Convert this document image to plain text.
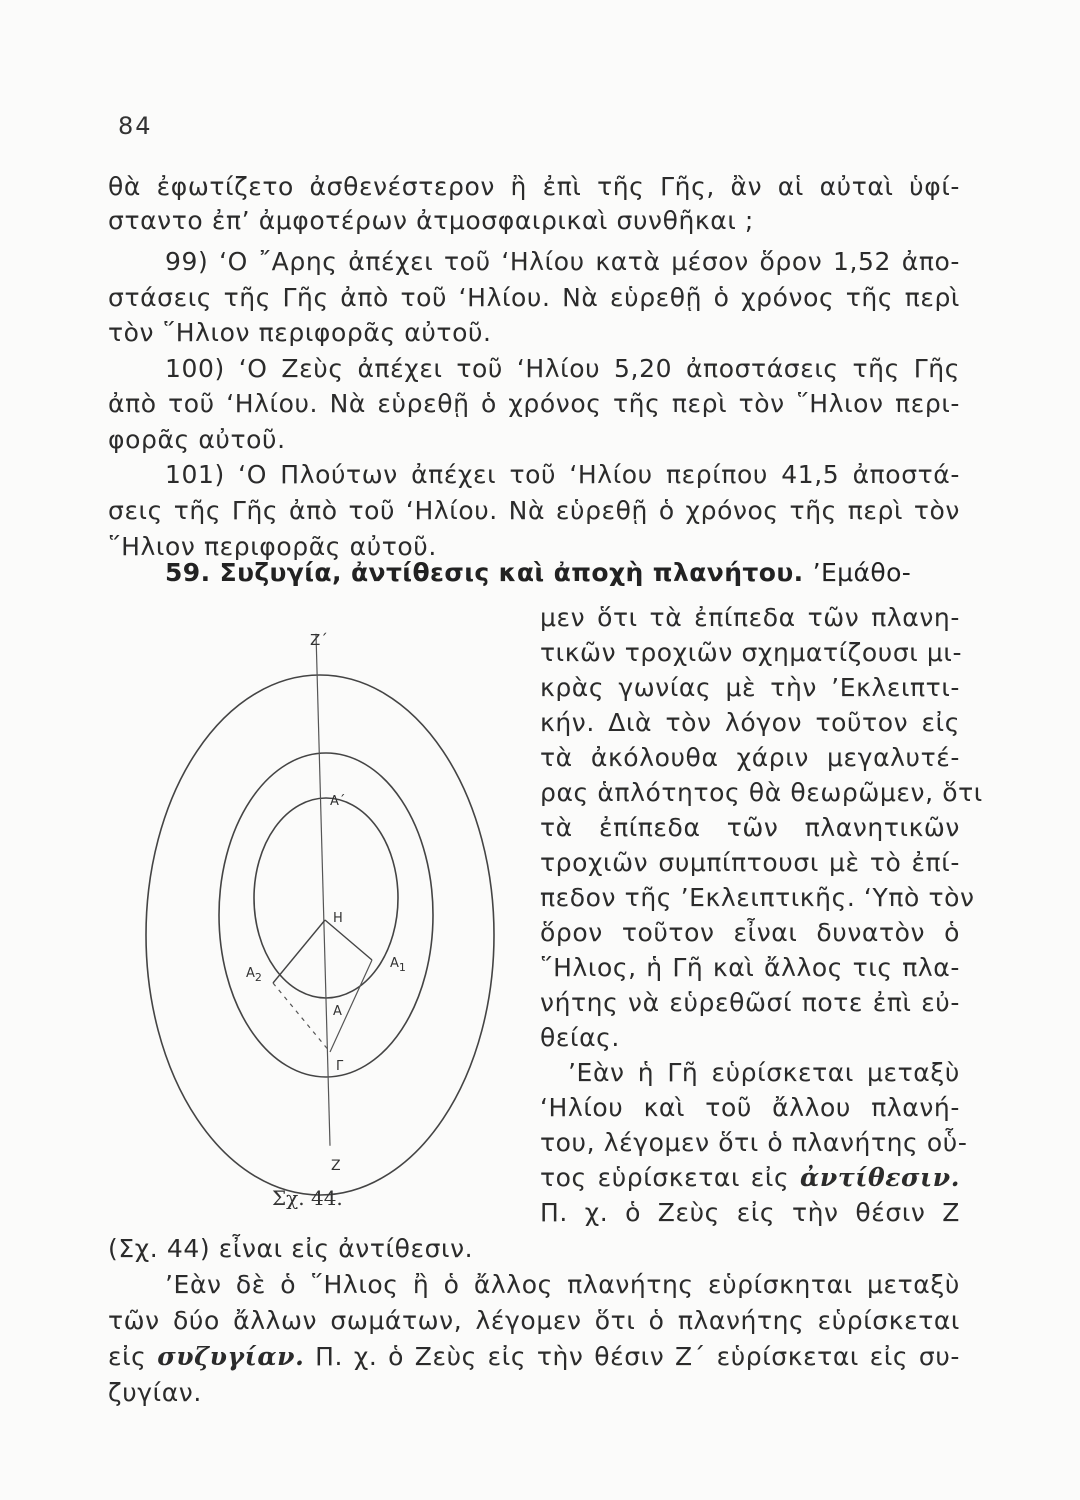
84
θὰ ἐφωτίζετο ἀσθενέστερον ἢ ἐπὶ τῆς Γῆς, ἂν αἱ αὐταὶ ὑφί-
σταντο ἐπ’ ἀμφοτέρων ἀτμοσφαιρικαὶ συνθῆκαι ;
99) ‘Ο ῎Αρης ἀπέχει τοῦ ‘Ηλίου κατὰ μέσον ὅρον 1,52 ἀπο-
στάσεις τῆς Γῆς ἀπὸ τοῦ ‘Ηλίου. Νὰ εὑρεθῇ ὁ χρόνος τῆς περὶ
τὸν ῞Ηλιον περιφορᾶς αὐτοῦ.
100) ‘Ο Ζεὺς ἀπέχει τοῦ ‘Ηλίου 5,20 ἀποστάσεις τῆς Γῆς
ἀπὸ τοῦ ‘Ηλίου. Νὰ εὑρεθῇ ὁ χρόνος τῆς περὶ τὸν ῞Ηλιον περι-
φορᾶς αὐτοῦ.
101) ‘Ο Πλούτων ἀπέχει τοῦ ‘Ηλίου περίπου 41,5 ἀποστά-
σεις τῆς Γῆς ἀπὸ τοῦ ‘Ηλίου. Νὰ εὑρεθῇ ὁ χρόνος τῆς περὶ τὸν
῞Ηλιον περιφορᾶς αὐτοῦ.
59. Συζυγία, ἀντίθεσις καὶ ἀποχὴ πλανήτου. ’Εμάθο-
μεν ὅτι τὰ ἐπίπεδα τῶν πλανη-
τικῶν τροχιῶν σχηματίζουσι μι-
κρὰς γωνίας μὲ τὴν ’Εκλειπτι-
κήν. Διὰ τὸν λόγον τοῦτον εἰς
τὰ ἀκόλουθα χάριν μεγαλυτέ-
ρας ἁπλότητος θὰ θεωρῶμεν, ὅτι
τὰ ἐπίπεδα τῶν πλανητικῶν
τροχιῶν συμπίπτουσι μὲ τὸ ἐπί-
πεδον τῆς ’Εκλειπτικῆς. ‘Υπὸ τὸν
ὅρον τοῦτον εἶναι δυνατὸν ὁ
῞Ηλιος, ἡ Γῆ καὶ ἄλλος τις πλα-
νήτης νὰ εὑρεθῶσί ποτε ἐπὶ εὐ-
θείας.
’Εὰν ἡ Γῆ εὑρίσκεται μεταξὺ
‘Ηλίου καὶ τοῦ ἄλλου πλανή-
του, λέγομεν ὅτι ὁ πλανήτης οὗ-
τος εὑρίσκεται εἰς ἀντίθεσιν.
Π. χ. ὁ Ζεὺς εἰς τὴν θέσιν Ζ
Ζ΄
Α΄
Η
$A_2$
$A_1$
Α
Γ
Ζ
Σχ. 44.
(Σχ. 44) εἶναι εἰς ἀντίθεσιν.
’Εὰν δὲ ὁ ῞Ηλιος ἢ ὁ ἄλλος πλανήτης εὑρίσκηται μεταξὺ
τῶν δύο ἄλλων σωμάτων, λέγομεν ὅτι ὁ πλανήτης εὑρίσκεται
εἰς συζυγίαν. Π. χ. ὁ Ζεὺς εἰς τὴν θέσιν Ζ΄ εὑρίσκεται εἰς συ-
ζυγίαν.
